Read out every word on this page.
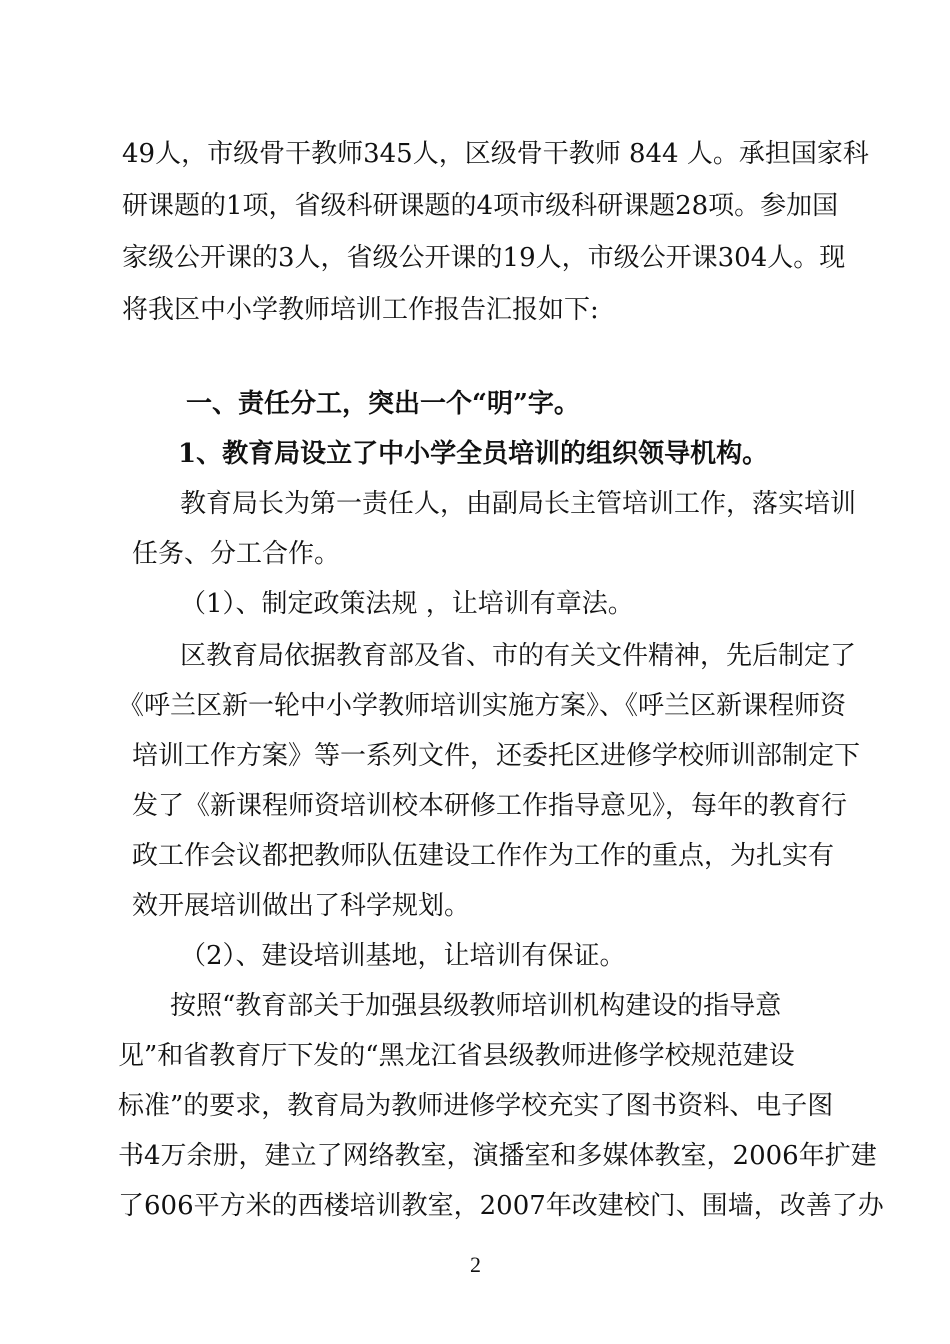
49人，市级骨干教师345人，区级骨干教师 844 人。承担国家科
研课题的1项，省级科研课题的4项市级科研课题28项。参加国
家级公开课的3人，省级公开课的19人，市级公开课304人。现
将我区中小学教师培训工作报告汇报如下:
一、责任分工，突出一个“明”字。
1、教育局设立了中小学全员培训的组织领导机构。
教育局长为第一责任人，由副局长主管培训工作，落实培训
任务、分工合作。
（1）、制定政策法规 ，让培训有章法。
区教育局依据教育部及省、市的有关文件精神，先后制定了
《呼兰区新一轮中小学教师培训实施方案》、《呼兰区新课程师资
培训工作方案》等一系列文件，还委托区进修学校师训部制定下
发了《新课程师资培训校本研修工作指导意见》，每年的教育行
政工作会议都把教师队伍建设工作作为工作的重点，为扎实有
效开展培训做出了科学规划。
（2）、建设培训基地，让培训有保证。
按照“教育部关于加强县级教师培训机构建设的指导意
见”和省教育厅下发的“黑龙江省县级教师进修学校规范建设
标准”的要求，教育局为教师进修学校充实了图书资料、电子图
书4万余册，建立了网络教室，演播室和多媒体教室，2006年扩建
了606平方米的西楼培训教室，2007年改建校门、围墙，改善了办
2
